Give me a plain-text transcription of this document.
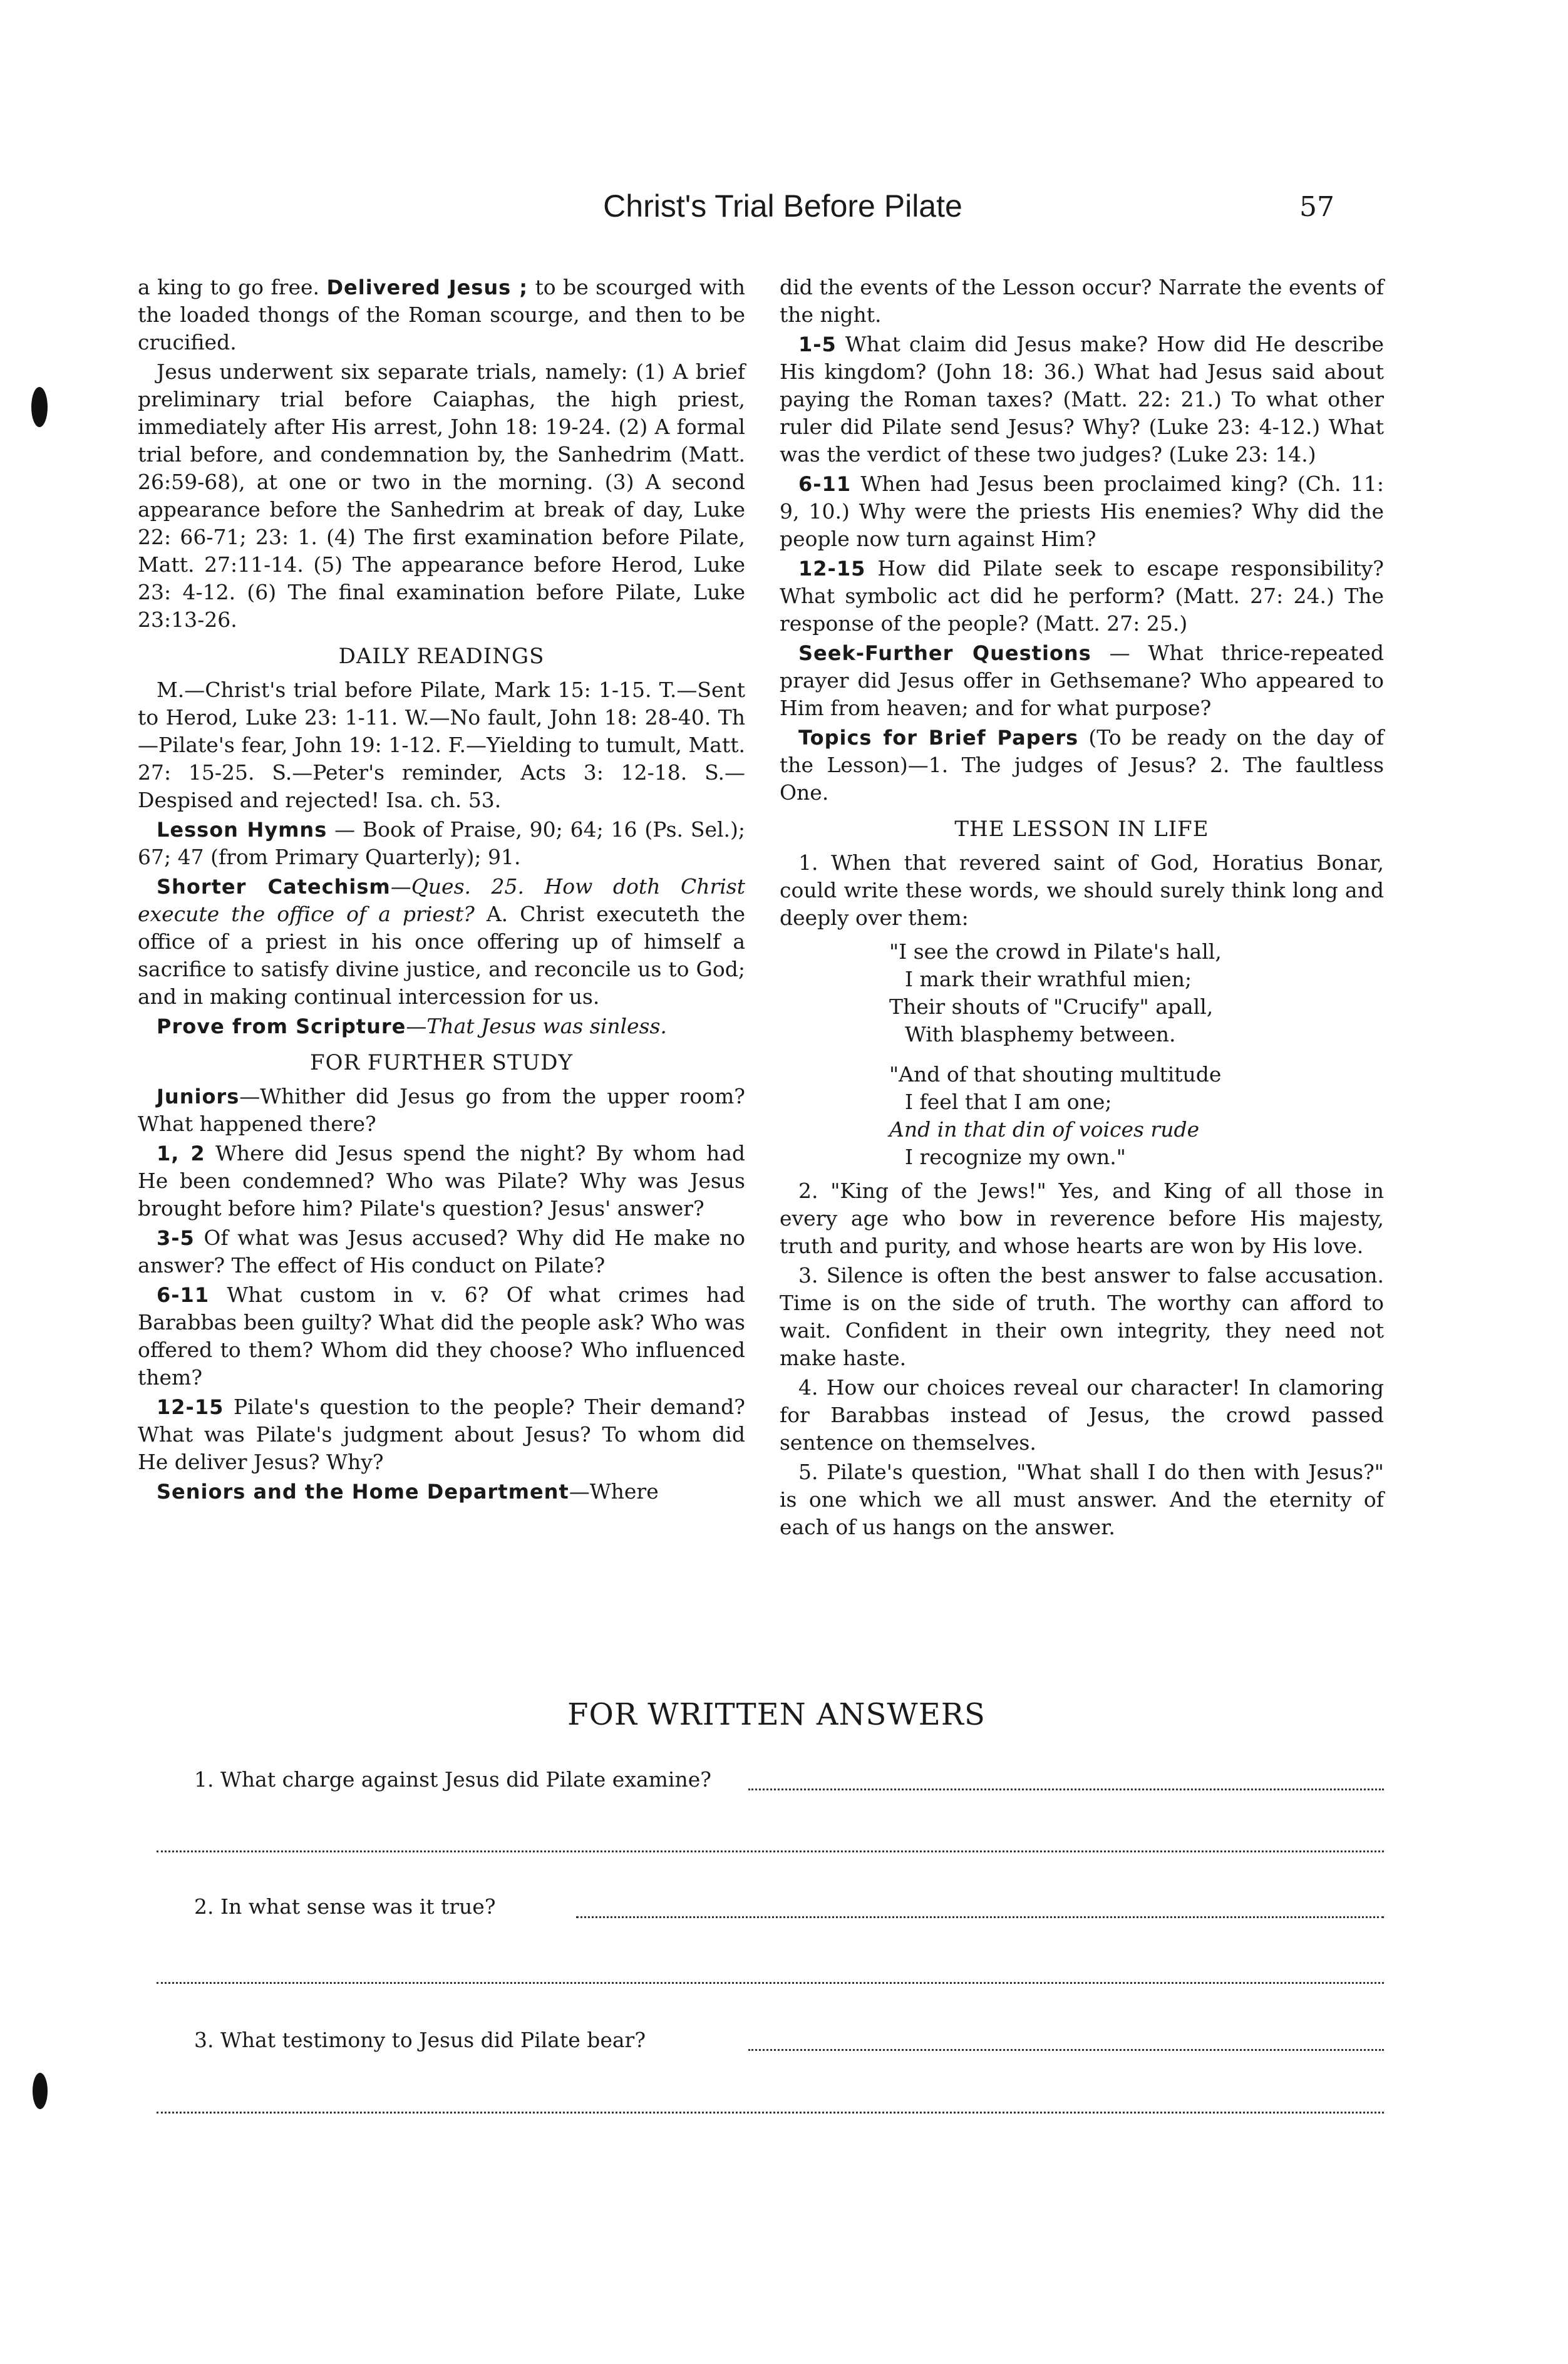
Christ's Trial Before Pilate	57

a king to go free. Delivered Jesus ; to be scourged with the loaded thongs of the Roman scourge, and then to be crucified.

Jesus underwent six separate trials, namely: (1) A brief preliminary trial before Caiaphas, the high priest, immediately after His arrest, John 18: 19-24. (2) A formal trial before, and condemnation by, the Sanhedrim (Matt. 26:59-68), at one or two in the morning. (3) A second appearance before the Sanhedrim at break of day, Luke 22: 66-71; 23: 1. (4) The first examination before Pilate, Matt. 27:11-14. (5) The appearance before Herod, Luke 23: 4-12. (6) The final examination before Pilate, Luke 23:13-26.

DAILY READINGS

M.—Christ's trial before Pilate, Mark 15: 1-15. T.—Sent to Herod, Luke 23: 1-11. W.—No fault, John 18: 28-40. Th—Pilate's fear, John 19: 1-12. F.—Yielding to tumult, Matt. 27: 15-25. S.—Peter's reminder, Acts 3: 12-18. S.—Despised and rejected! Isa. ch. 53.

Lesson Hymns — Book of Praise, 90; 64; 16 (Ps. Sel.); 67; 47 (from Primary Quarterly); 91.

Shorter Catechism—Ques. 25. How doth Christ execute the office of a priest? A. Christ executeth the office of a priest in his once offering up of himself a sacrifice to satisfy divine justice, and reconcile us to God; and in making continual intercession for us.

Prove from Scripture—That Jesus was sinless.

FOR FURTHER STUDY

Juniors—Whither did Jesus go from the upper room? What happened there?

1, 2 Where did Jesus spend the night? By whom had He been condemned? Who was Pilate? Why was Jesus brought before him? Pilate's question? Jesus' answer?

3-5 Of what was Jesus accused? Why did He make no answer? The effect of His conduct on Pilate?

6-11 What custom in v. 6? Of what crimes had Barabbas been guilty? What did the people ask? Who was offered to them? Whom did they choose? Who influenced them?

12-15 Pilate's question to the people? Their demand? What was Pilate's judgment about Jesus? To whom did He deliver Jesus? Why?

Seniors and the Home Department—Where

did the events of the Lesson occur? Narrate the events of the night.

1-5 What claim did Jesus make? How did He describe His kingdom? (John 18: 36.) What had Jesus said about paying the Roman taxes? (Matt. 22: 21.) To what other ruler did Pilate send Jesus? Why? (Luke 23: 4-12.) What was the verdict of these two judges? (Luke 23: 14.)

6-11 When had Jesus been proclaimed king? (Ch. 11: 9, 10.) Why were the priests His enemies? Why did the people now turn against Him?

12-15 How did Pilate seek to escape responsibility? What symbolic act did he perform? (Matt. 27: 24.) The response of the people? (Matt. 27: 25.)

Seek-Further Questions — What thrice-repeated prayer did Jesus offer in Gethsemane? Who appeared to Him from heaven; and for what purpose?

Topics for Brief Papers (To be ready on the day of the Lesson)—1. The judges of Jesus? 2. The faultless One.

THE LESSON IN LIFE

1. When that revered saint of God, Horatius Bonar, could write these words, we should surely think long and deeply over them:

"I see the crowd in Pilate's hall,

I mark their wrathful mien;

Their shouts of "Crucify" apall,

With blasphemy between.

"And of that shouting multitude

I feel that I am one;

And in that din of voices rude

I recognize my own."

2. "King of the Jews!" Yes, and King of all those in every age who bow in reverence before His majesty, truth and purity, and whose hearts are won by His love.

3. Silence is often the best answer to false accusation. Time is on the side of truth. The worthy can afford to wait. Confident in their own integrity, they need not make haste.

4. How our choices reveal our character! In clamoring for Barabbas instead of Jesus, the crowd passed sentence on themselves.

5. Pilate's question, "What shall I do then with Jesus?" is one which we all must answer. And the eternity of each of us hangs on the answer.

FOR WRITTEN ANSWERS
1. What charge against Jesus did Pilate examine?
2. In what sense was it true?
3. What testimony to Jesus did Pilate bear?
